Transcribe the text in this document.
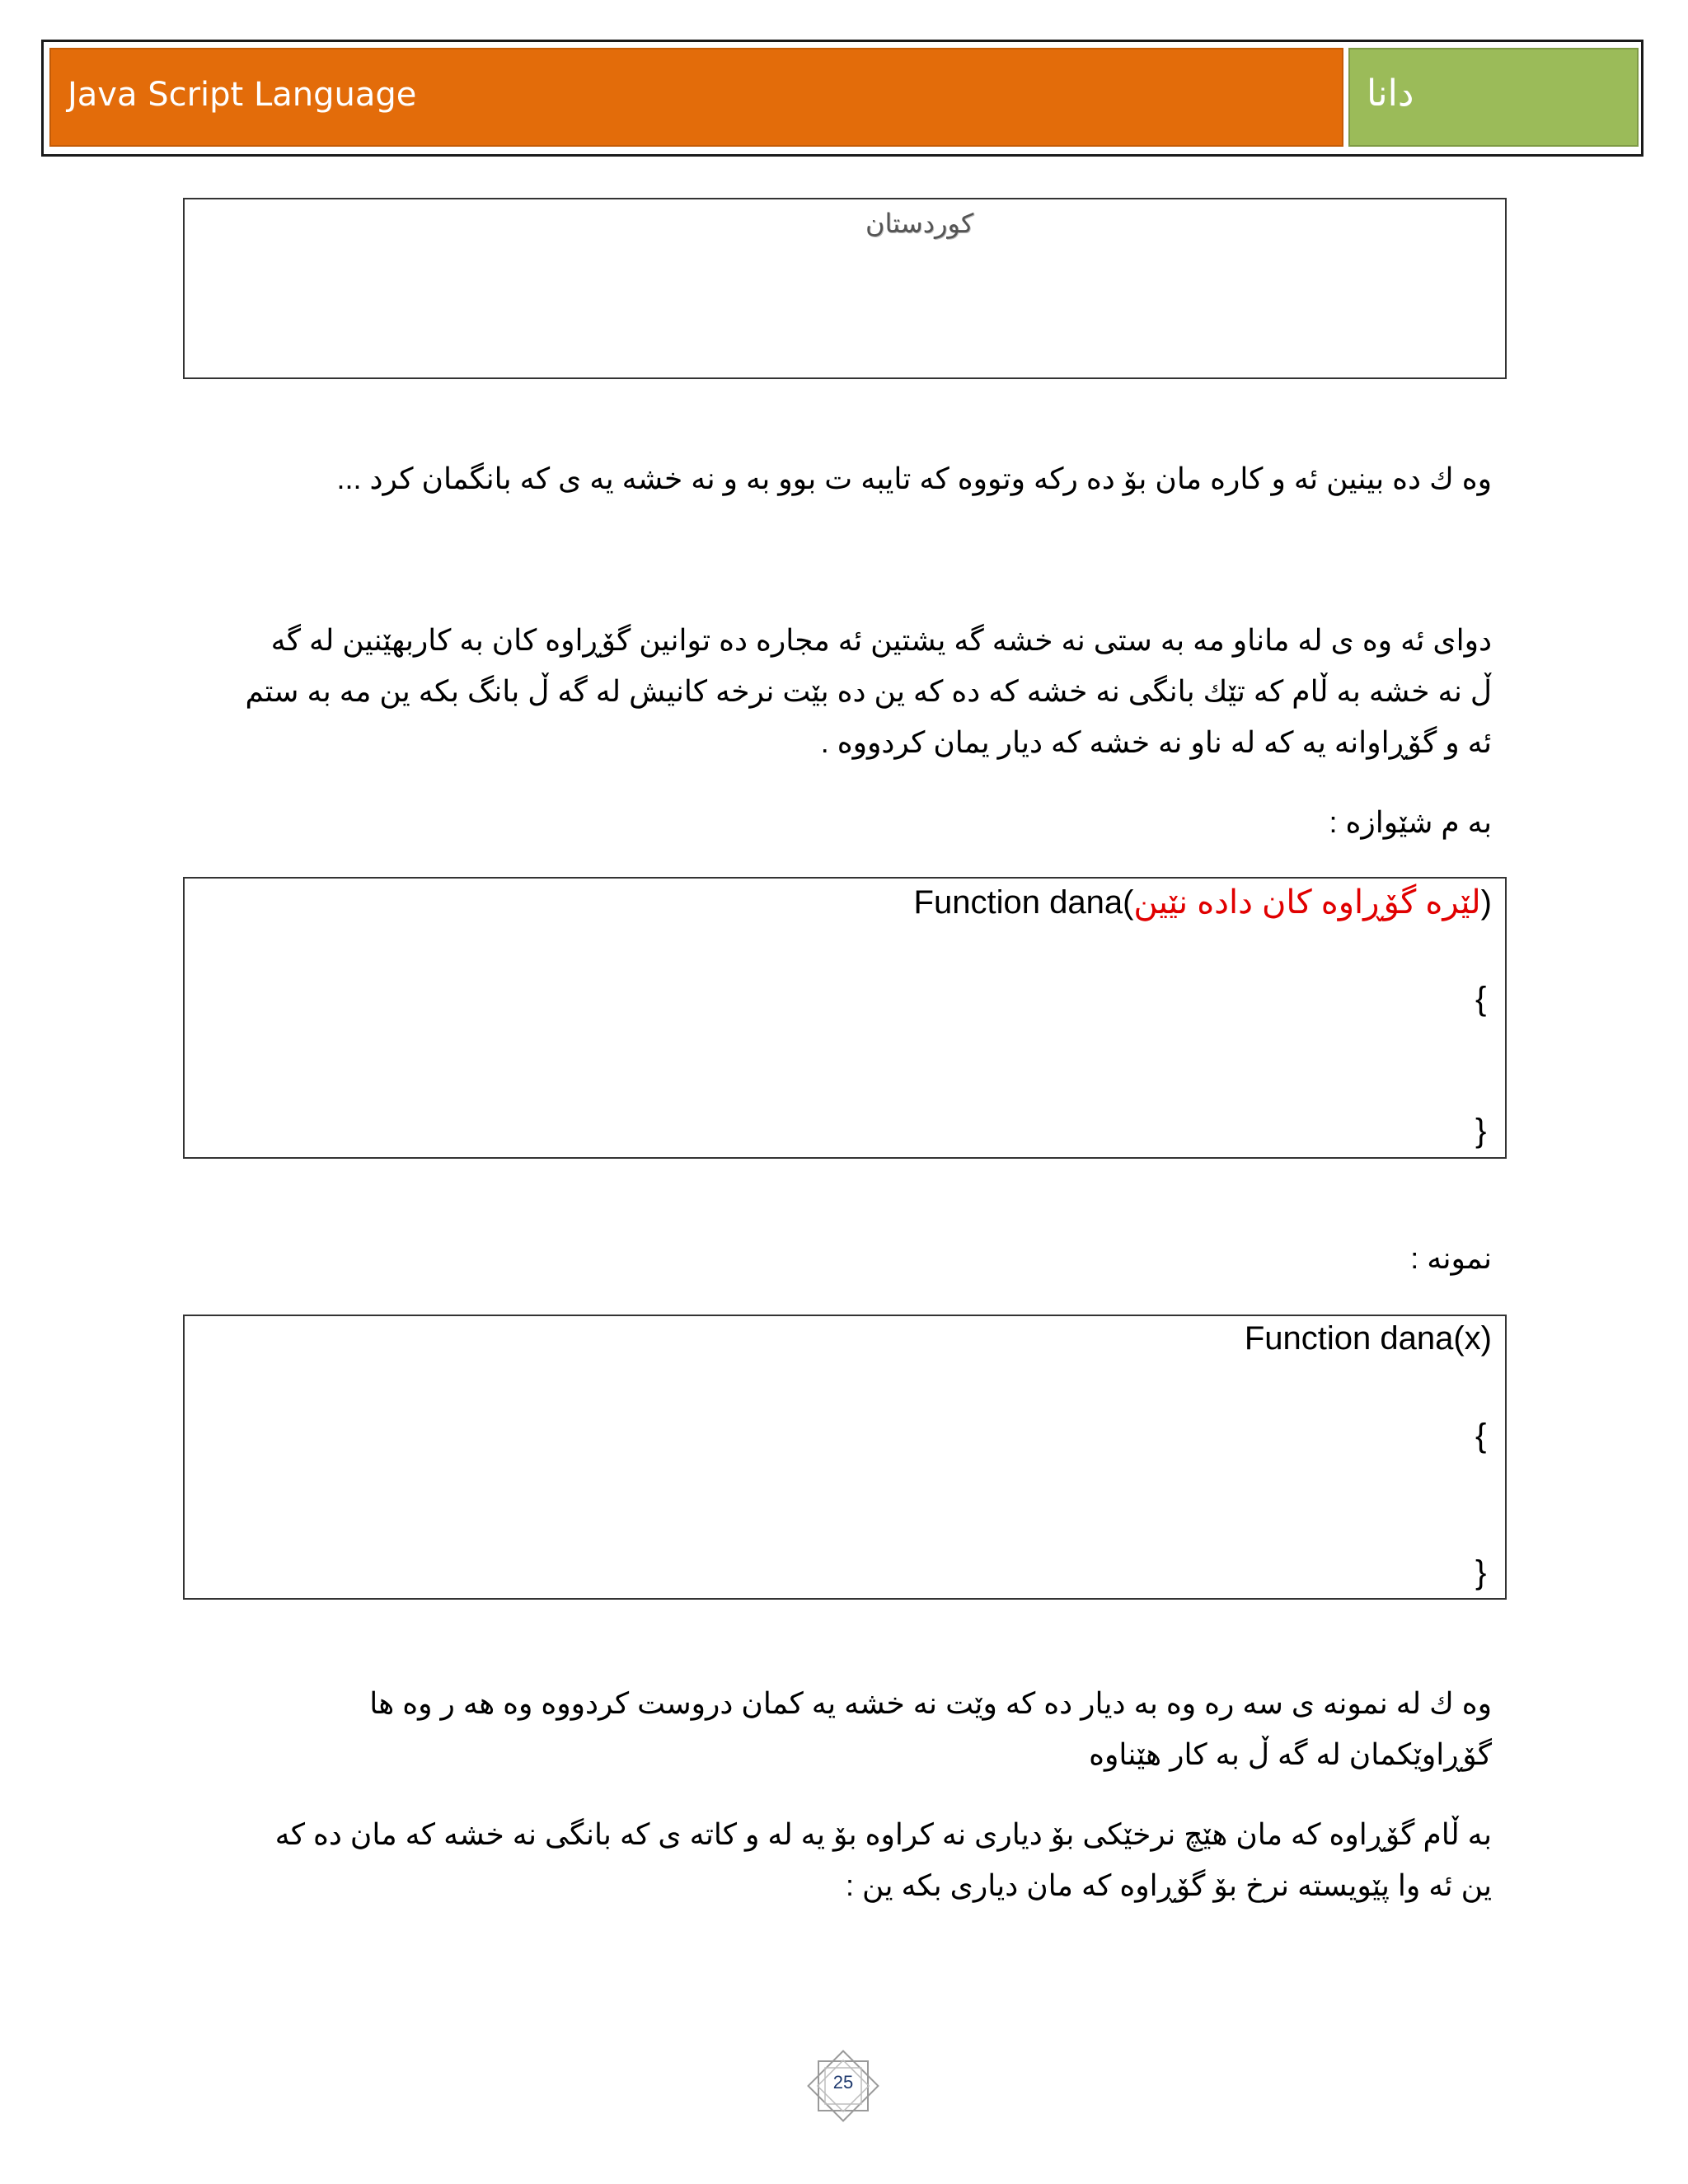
Java Script Language	دانا
كوردستان
وه ك ده بينين ئه و كاره مان بۆ ده ركه وتووه كه تايبه ت بوو به و نه خشه يه ى كه بانگمان كرد ...
دواى ئه وه ى له ماناو مه به ستى نه خشه گه يشتين ئه مجاره ده توانين گۆڕاوه كان به كاربهێنين له گه
ڵ نه خشه به ڵام كه تێك بانگى نه خشه كه ده كه ين ده بێت نرخه كانيش له گه ڵ بانگ بكه ين مه به ستم
ئه و گۆڕاوانه يه كه له ناو نه خشه كه ديار يمان كردووه .
به م شێوازه :
Function dana(لێره گۆڕاوه كان داده نێين)
{
}
نمونه :
Function dana(x)
{
}
وه ك له نمونه ى سه ره وه به ديار ده كه وێت نه خشه يه كمان دروست كردووه وه هه ر وه ها
گۆڕاوێكمان له گه ڵ به كار هێناوه
به ڵام گۆڕاوه كه مان هێچ نرخێكى بۆ ديارى نه كراوه بۆ يه له و كاته ى كه بانگى نه خشه كه مان ده كه
ين ئه وا پێويسته نرخ بۆ گۆڕاوه كه مان ديارى بكه ين :
25
